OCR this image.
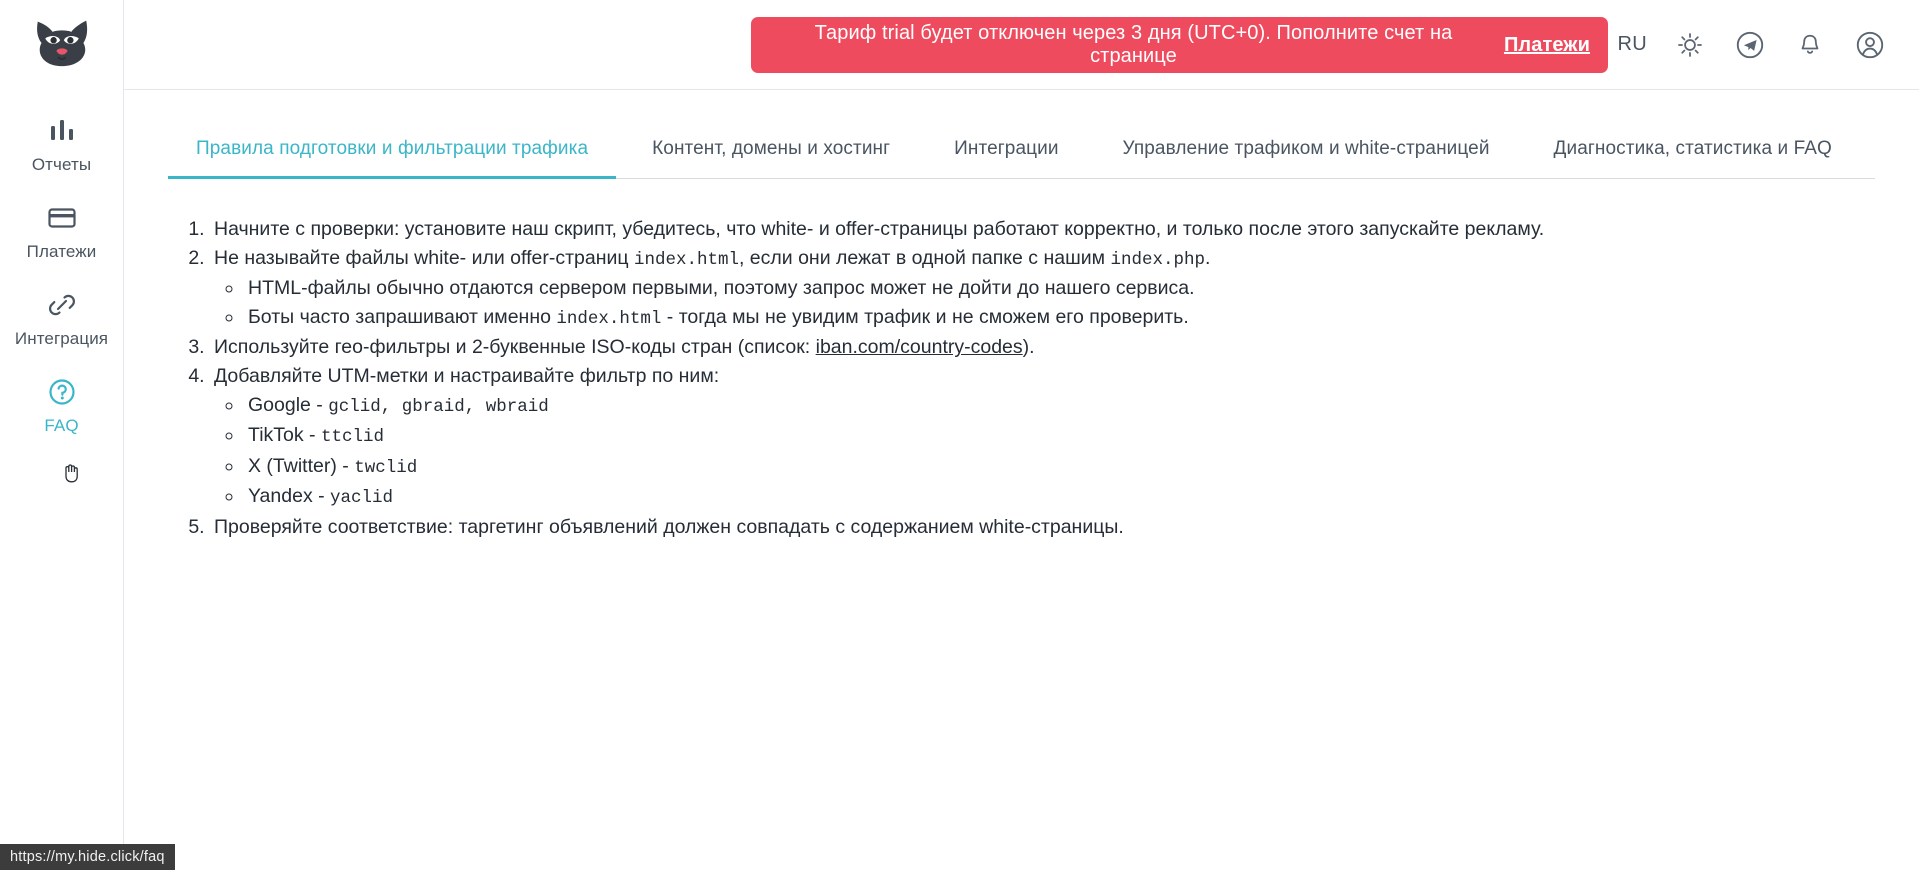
Отчеты
Платежи
Интеграция
FAQ
Тариф trial будет отключен через 3 дня (UTC+0). Пополните счет на странице
Платежи RU
Правила подготовки и фильтрации трафика	Контент, домены и хостинг	Интеграции	Управление трафиком и white-страницей	Диагностика, статистика и FAQ
1. Начните с проверки: установите наш скрипт, убедитесь, что white- и offer-страницы работают корректно, и только после этого запускайте рекламу.
2. Не называйте файлы white- или offer-страниц index.html, если они лежат в одной папке с нашим index.php.
◦ HTML-файлы обычно отдаются сервером первыми, поэтому запрос может не дойти до нашего сервиса.
◦ Боты часто запрашивают именно index.html - тогда мы не увидим трафик и не сможем его проверить.
3. Используйте гео-фильтры и 2-буквенные ISO-коды стран (список: iban.com/country-codes).
4. Добавляйте UTM-метки и настраивайте фильтр по ним:
◦ Google - gclid, gbraid, wbraid
◦ TikTok - ttclid
◦ X (Twitter) - twclid
◦ Yandex - yaclid
5. Проверяйте соответствие: таргетинг объявлений должен совпадать с содержанием white-страницы.
https://my.hide.click/faq
